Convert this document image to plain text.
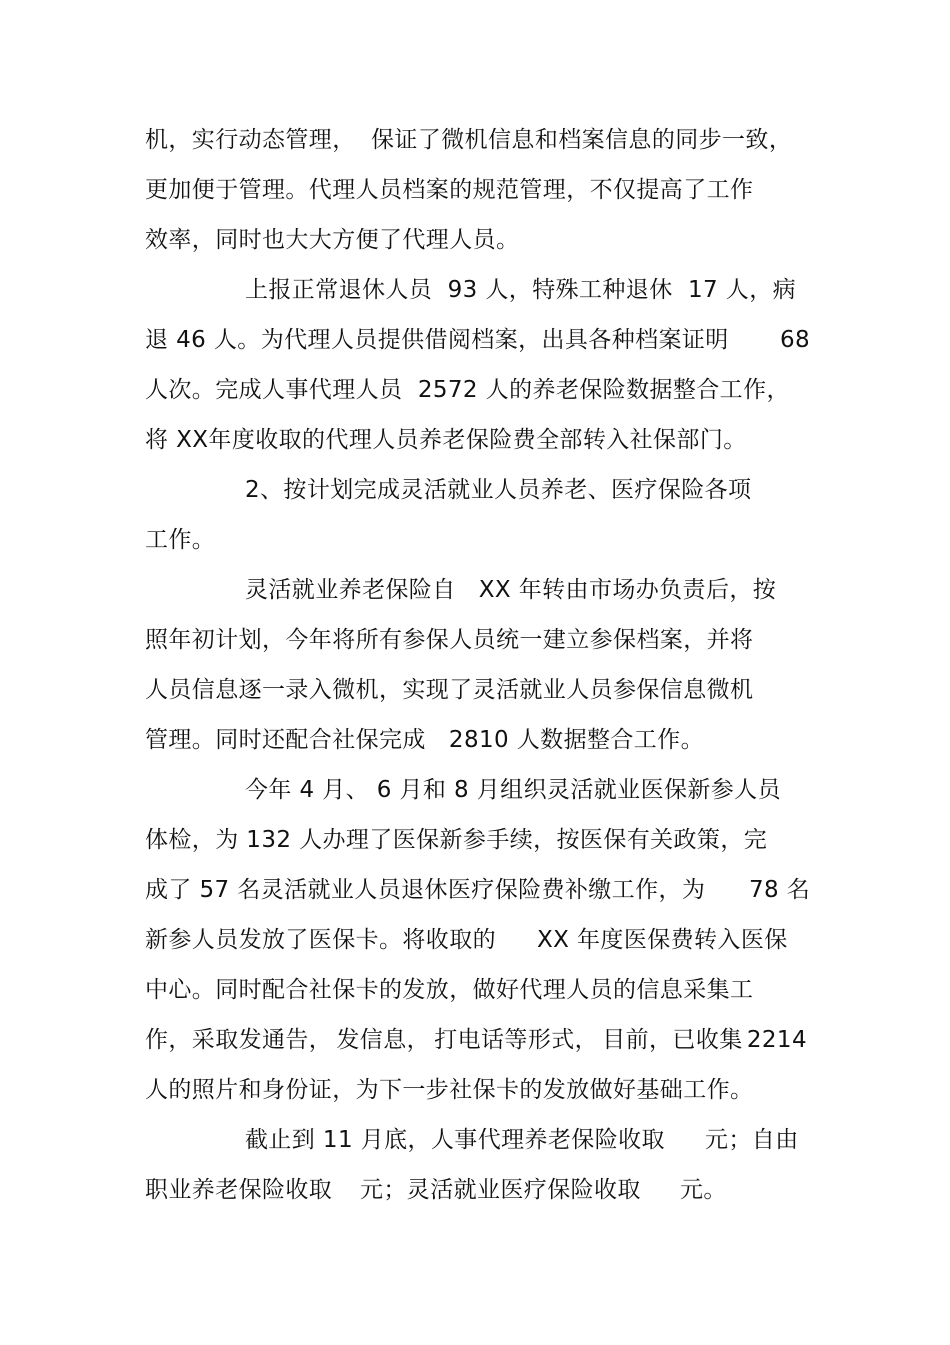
机，实行动态管理，  保证了微机信息和档案信息的同步一致，
更加便于管理。代理人员档案的规范管理，不仅提高了工作
效率，同时也大大方便了代理人员。
上报正常退休人员  93 人，特殊工种退休  17 人，病
退 46 人。为代理人员提供借阅档案，出具各种档案证明 68
人次。完成人事代理人员  2572 人的养老保险数据整合工作，
将 XX年度收取的代理人员养老保险费全部转入社保部门。
2、按计划完成灵活就业人员养老、医疗保险各项
工作。
灵活就业养老保险自   XX 年转由市场办负责后，按
照年初计划，今年将所有参保人员统一建立参保档案，并将
人员信息逐一录入微机，实现了灵活就业人员参保信息微机
管理。同时还配合社保完成   2810 人数据整合工作。
今年 4 月、 6 月和 8 月组织灵活就业医保新参人员
体检，为 132 人办理了医保新参手续，按医保有关政策，完
成了 57 名灵活就业人员退休医疗保险费补缴工作，为 78 名
新参人员发放了医保卡。将收取的 XX 年度医保费转入医保
中心。同时配合社保卡的发放，做好代理人员的信息采集工
作，采取发通告， 发信息， 打电话等形式， 目前，已收集 2214
人的照片和身份证，为下一步社保卡的发放做好基础工作。
截止到 11 月底，人事代理养老保险收取 元；自由
职业养老保险收取 元；灵活就业医疗保险收取 元。
